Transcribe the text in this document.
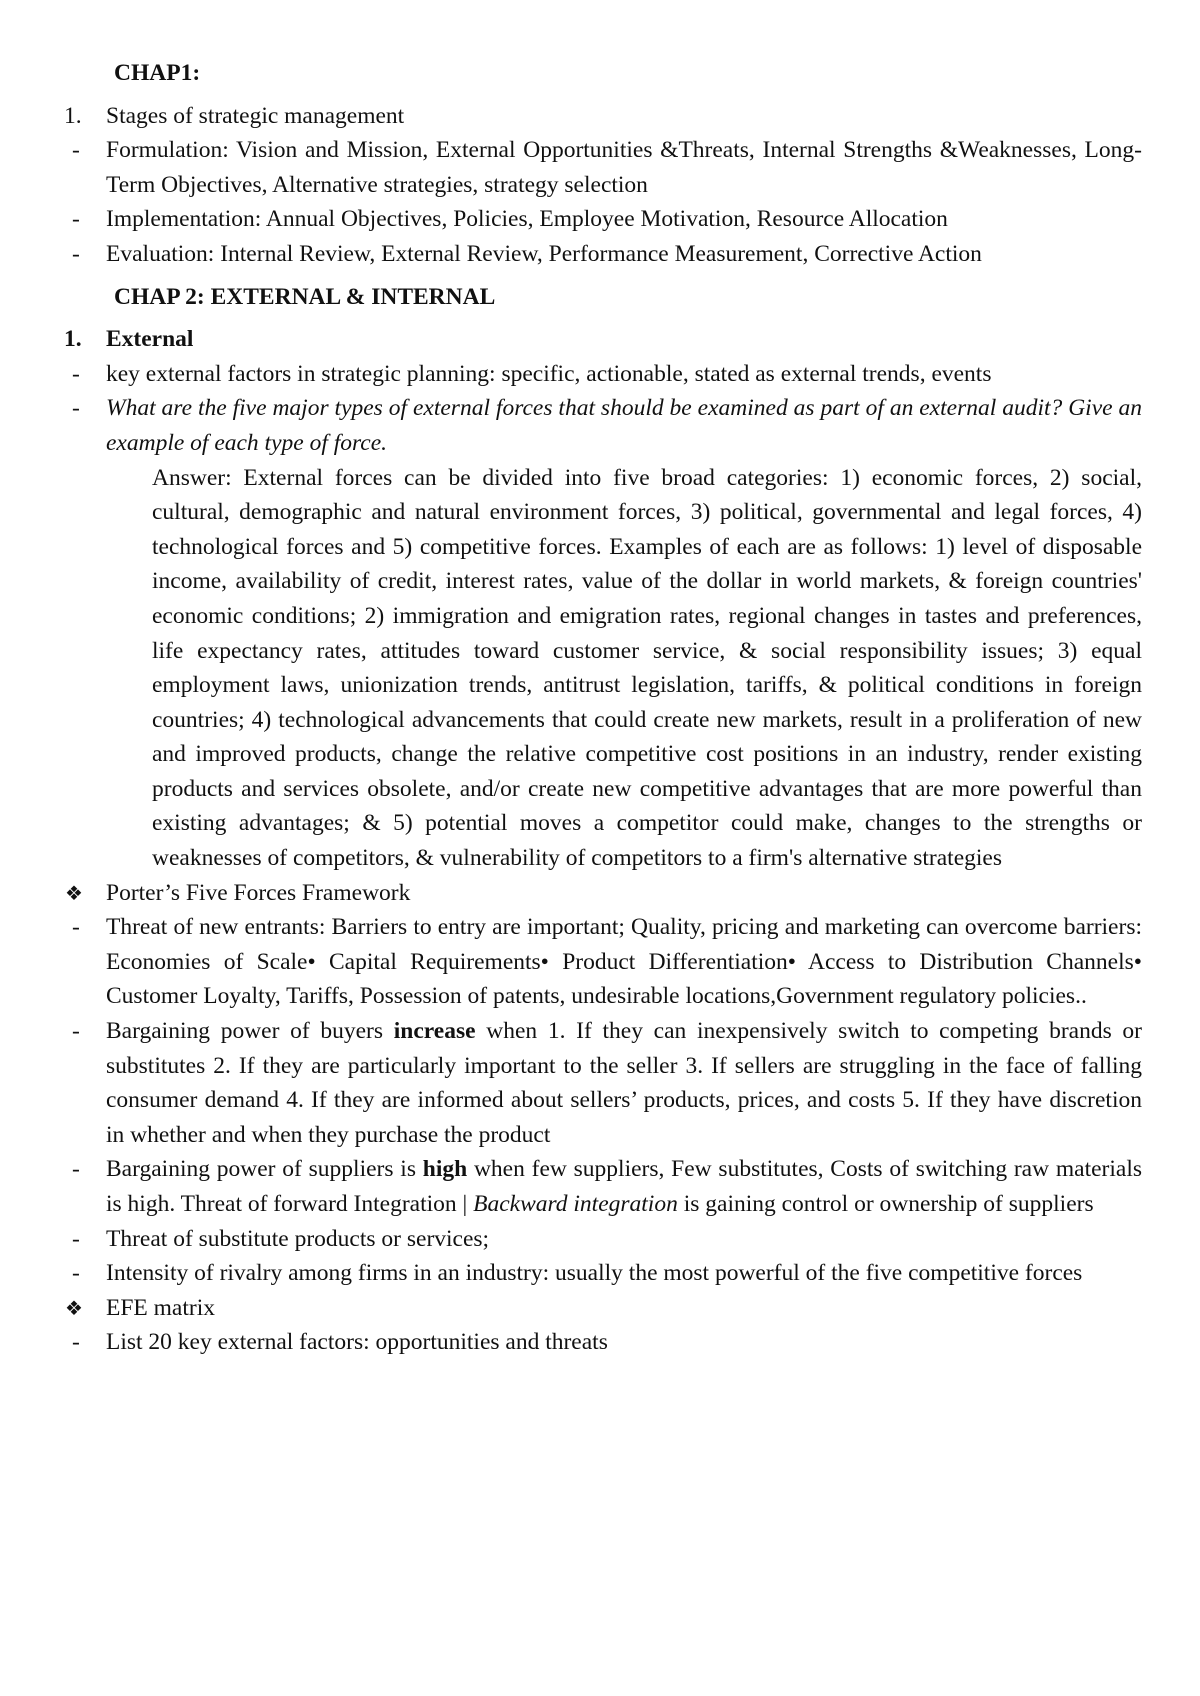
CHAP1:
1. Stages of strategic management
- Formulation: Vision and Mission, External Opportunities &Threats, Internal Strengths &Weaknesses, Long-Term Objectives, Alternative strategies, strategy selection
- Implementation: Annual Objectives, Policies, Employee Motivation, Resource Allocation
- Evaluation: Internal Review, External Review, Performance Measurement, Corrective Action
CHAP 2: EXTERNAL & INTERNAL
1. External
- key external factors in strategic planning: specific, actionable, stated as external trends, events
- What are the five major types of external forces that should be examined as part of an external audit? Give an example of each type of force.
Answer: External forces can be divided into five broad categories: 1) economic forces, 2) social, cultural, demographic and natural environment forces, 3) political, governmental and legal forces, 4) technological forces and 5) competitive forces. Examples of each are as follows: 1) level of disposable income, availability of credit, interest rates, value of the dollar in world markets, & foreign countries' economic conditions; 2) immigration and emigration rates, regional changes in tastes and preferences, life expectancy rates, attitudes toward customer service, & social responsibility issues; 3) equal employment laws, unionization trends, antitrust legislation, tariffs, & political conditions in foreign countries; 4) technological advancements that could create new markets, result in a proliferation of new and improved products, change the relative competitive cost positions in an industry, render existing products and services obsolete, and/or create new competitive advantages that are more powerful than existing advantages; & 5) potential moves a competitor could make, changes to the strengths or weaknesses of competitors, & vulnerability of competitors to a firm's alternative strategies
❖ Porter’s Five Forces Framework
- Threat of new entrants: Barriers to entry are important; Quality, pricing and marketing can overcome barriers: Economies of Scale• Capital Requirements• Product Differentiation• Access to Distribution Channels• Customer Loyalty, Tariffs, Possession of patents, undesirable locations,Government regulatory policies..
- Bargaining power of buyers increase when 1. If they can inexpensively switch to competing brands or substitutes 2. If they are particularly important to the seller 3. If sellers are struggling in the face of falling consumer demand 4. If they are informed about sellers’ products, prices, and costs 5. If they have discretion in whether and when they purchase the product
- Bargaining power of suppliers is high when few suppliers, Few substitutes, Costs of switching raw materials is high. Threat of forward Integration | Backward integration is gaining control or ownership of suppliers
- Threat of substitute products or services;
- Intensity of rivalry among firms in an industry: usually the most powerful of the five competitive forces
❖ EFE matrix
- List 20 key external factors: opportunities and threats
